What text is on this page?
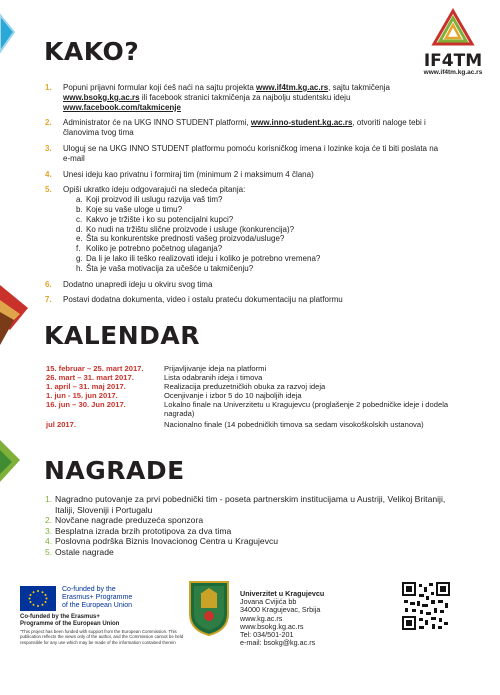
IF4TM
www.if4tm.kg.ac.rs
KAKO?
1. Popuni prijavni formular koji ćeš naći na sajtu projekta www.if4tm.kg.ac.rs, sajtu takmičenja www.bsokg.kg.ac.rs ili facebook stranici takmičenja za najbolju studentsku ideju www.facebook.com/takmicenje
2. Administrator će na UKG INNO STUDENT platformi, www.inno-student.kg.ac.rs, otvoriti naloge tebi i članovima tvog tima
3. Uloguj se na UKG INNO STUDENT platformu pomoću korisničkog imena i lozinke koja će ti biti poslata na e-mail
4. Unesi ideju kao privatnu i formiraj tim (minimum 2 i maksimum 4 člana)
5. Opiši ukratko ideju odgovarajući na sledeća pitanja:
a. Koji proizvod ili uslugu razvija vaš tim?
b. Koje su vaše uloge u timu?
c. Kakvo je tržište i ko su potencijalni kupci?
d. Ko nudi na tržištu slične proizvode i usluge (konkurencija)?
e. Šta su konkurentske prednosti vašeg proizvoda/usluge?
f. Koliko je potrebno početnog ulaganja?
g. Da li je lako ili teško realizovati ideju i koliko je potrebno vremena?
h. Šta je vaša motivacija za učešće u takmičenju?
6. Dodatno unapredi ideju u okviru svog tima
7. Postavi dodatna dokumenta, video i ostalu prateću dokumentaciju na platformu
KALENDAR
15. februar – 25. mart 2017.	Prijavljivanje ideja na platformi
26. mart – 31. mart 2017.	Lista odabranih ideja i timova
1. april – 31. maj 2017.	Realizacija preduzetničkih obuka za razvoj ideja
1. jun - 15. jun 2017.	Ocenjivanje i izbor 5 do 10 najboljih ideja
16. jun – 30. Jun 2017.	Lokalno finale na Univerzitetu u Kragujevcu (proglašenje 2 pobedničke ideje i dodela nagrada)
jul 2017.	Nacionalno finale (14 pobedničkih timova sa sedam visokoškolskih ustanova)
NAGRADE
1. Nagradno putovanje za prvi pobednički tim - poseta partnerskim institucijama u Austriji, Velikoj Britaniji, Italiji, Sloveniji i Portugalu
2. Novčane nagrade preduzeća sponzora
3. Besplatna izrada brzih prototipova za dva tima
4. Poslovna podrška Biznis Inovacionog Centra u Kragujevcu
5. Ostale nagrade
Co-funded by the
Erasmus+ Programme
of the European Union
Co-funded by the Erasmus+ Programme of the European Union
"This project has been funded with support from the European Commission. This publication reflects the views only of the author, and the Commission cannot be held responsible for any use which may be made of the information contained therein
Univerzitet u Kragujevcu
Jovana Cvijića bb
34000 Kragujevac, Srbija
www.kg.ac.rs
www.bsokg.kg.ac.rs
Tel: 034/501-201
e-mail: bsokg@kg.ac.rs
